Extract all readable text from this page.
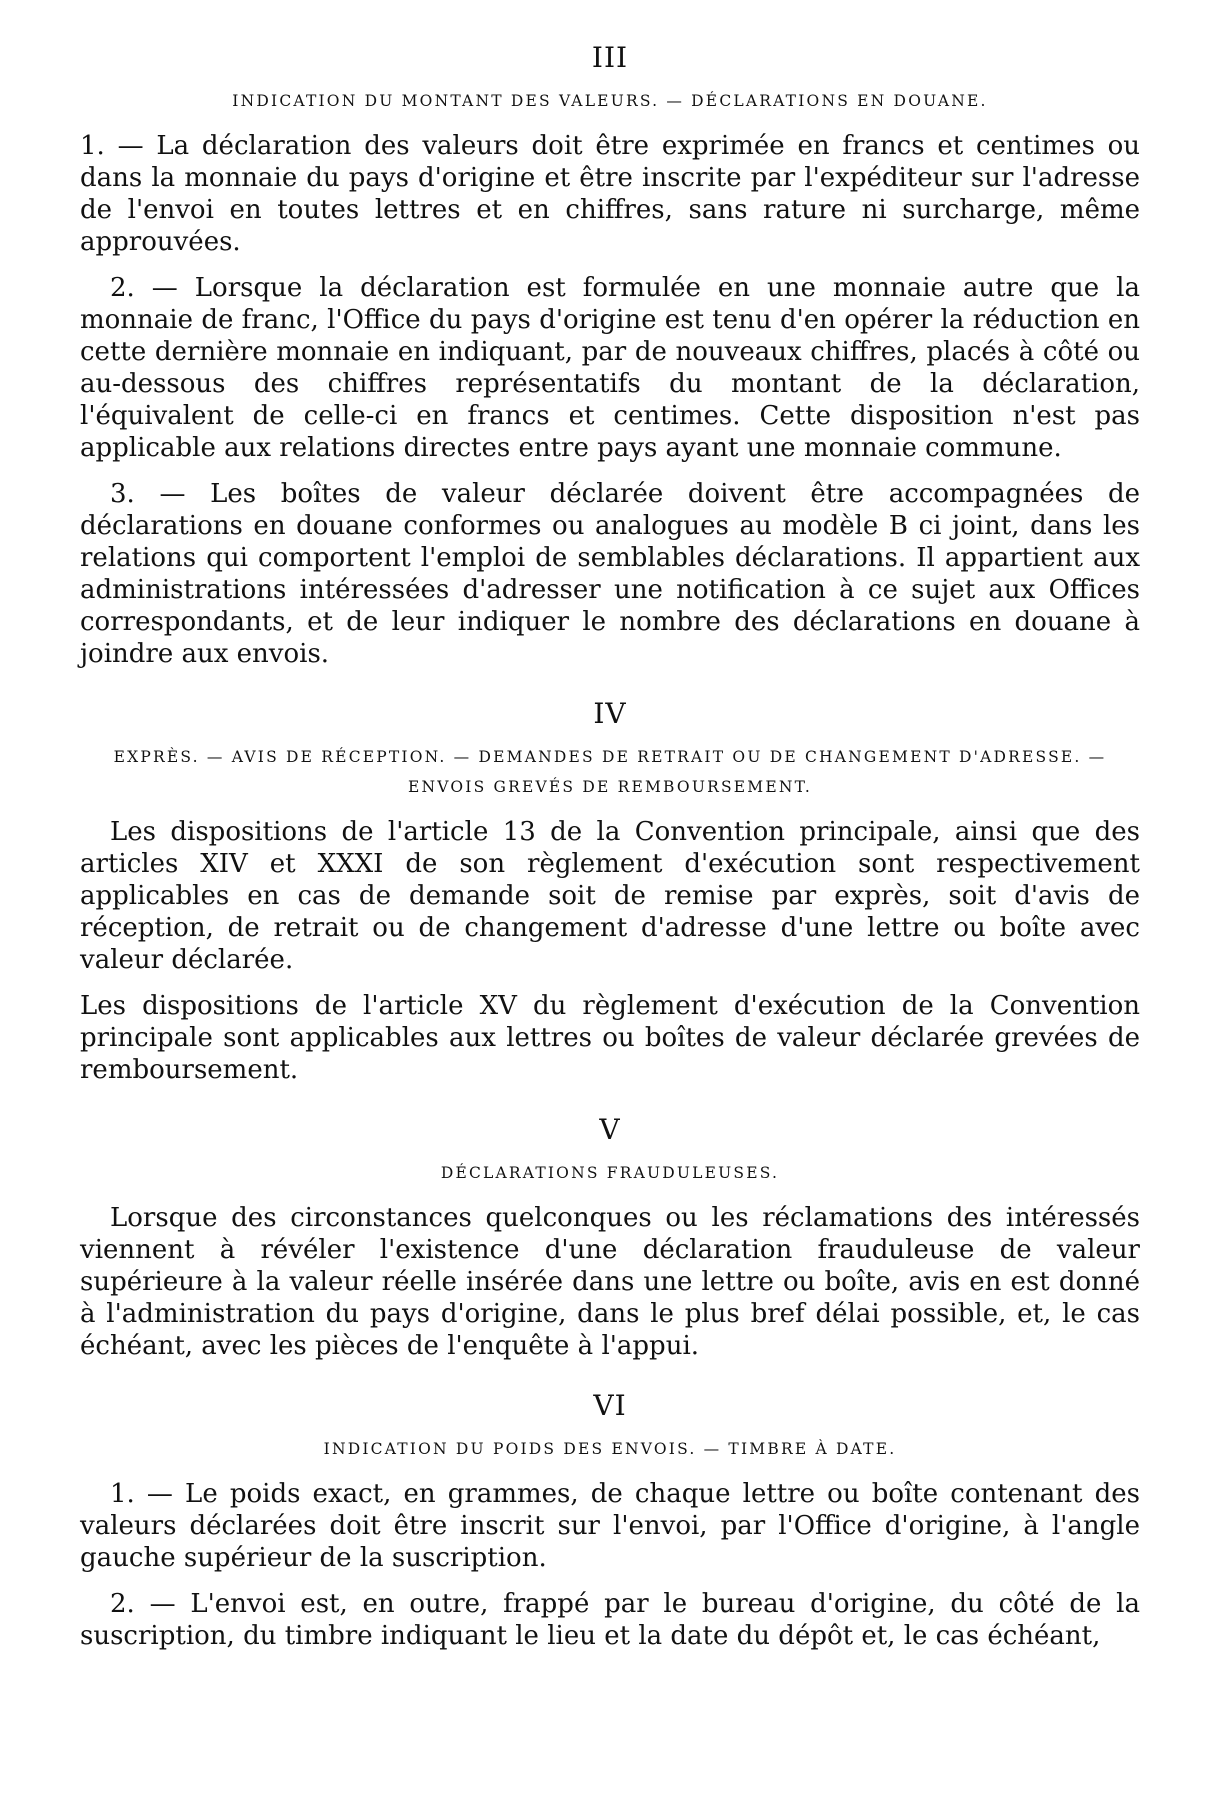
III
INDICATION DU MONTANT DES VALEURS. — DÉCLARATIONS EN DOUANE.

1. — La déclaration des valeurs doit être exprimée en francs et centimes ou dans la monnaie du pays d'origine et être inscrite par l'expéditeur sur l'adresse de l'envoi en toutes lettres et en chiffres, sans rature ni surcharge, même approuvées.

2. — Lorsque la déclaration est formulée en une monnaie autre que la monnaie de franc, l'Office du pays d'origine est tenu d'en opérer la réduction en cette dernière monnaie en indiquant, par de nouveaux chiffres, placés à côté ou au-dessous des chiffres représentatifs du montant de la déclaration, l'équivalent de celle-ci en francs et centimes. Cette disposition n'est pas applicable aux relations directes entre pays ayant une monnaie commune.

3. — Les boîtes de valeur déclarée doivent être accompagnées de déclarations en douane conformes ou analogues au modèle B ci joint, dans les relations qui comportent l'emploi de semblables déclarations. Il appartient aux administrations intéressées d'adresser une notification à ce sujet aux Offices correspondants, et de leur indiquer le nombre des déclarations en douane à joindre aux envois.

IV
EXPRÈS. — AVIS DE RÉCEPTION. — DEMANDES DE RETRAIT OU DE CHANGEMENT D'ADRESSE. — ENVOIS GREVÉS DE REMBOURSEMENT.

Les dispositions de l'article 13 de la Convention principale, ainsi que des articles XIV et XXXI de son règlement d'exécution sont respectivement applicables en cas de demande soit de remise par exprès, soit d'avis de réception, de retrait ou de changement d'adresse d'une lettre ou boîte avec valeur déclarée.

Les dispositions de l'article XV du règlement d'exécution de la Convention principale sont applicables aux lettres ou boîtes de valeur déclarée grevées de remboursement.

V
DÉCLARATIONS FRAUDULEUSES.

Lorsque des circonstances quelconques ou les réclamations des intéressés viennent à révéler l'existence d'une déclaration frauduleuse de valeur supérieure à la valeur réelle insérée dans une lettre ou boîte, avis en est donné à l'administration du pays d'origine, dans le plus bref délai possible, et, le cas échéant, avec les pièces de l'enquête à l'appui.

VI
INDICATION DU POIDS DES ENVOIS. — TIMBRE À DATE.

1. — Le poids exact, en grammes, de chaque lettre ou boîte contenant des valeurs déclarées doit être inscrit sur l'envoi, par l'Office d'origine, à l'angle gauche supérieur de la suscription.

2. — L'envoi est, en outre, frappé par le bureau d'origine, du côté de la suscription, du timbre indiquant le lieu et la date du dépôt et, le cas échéant,
